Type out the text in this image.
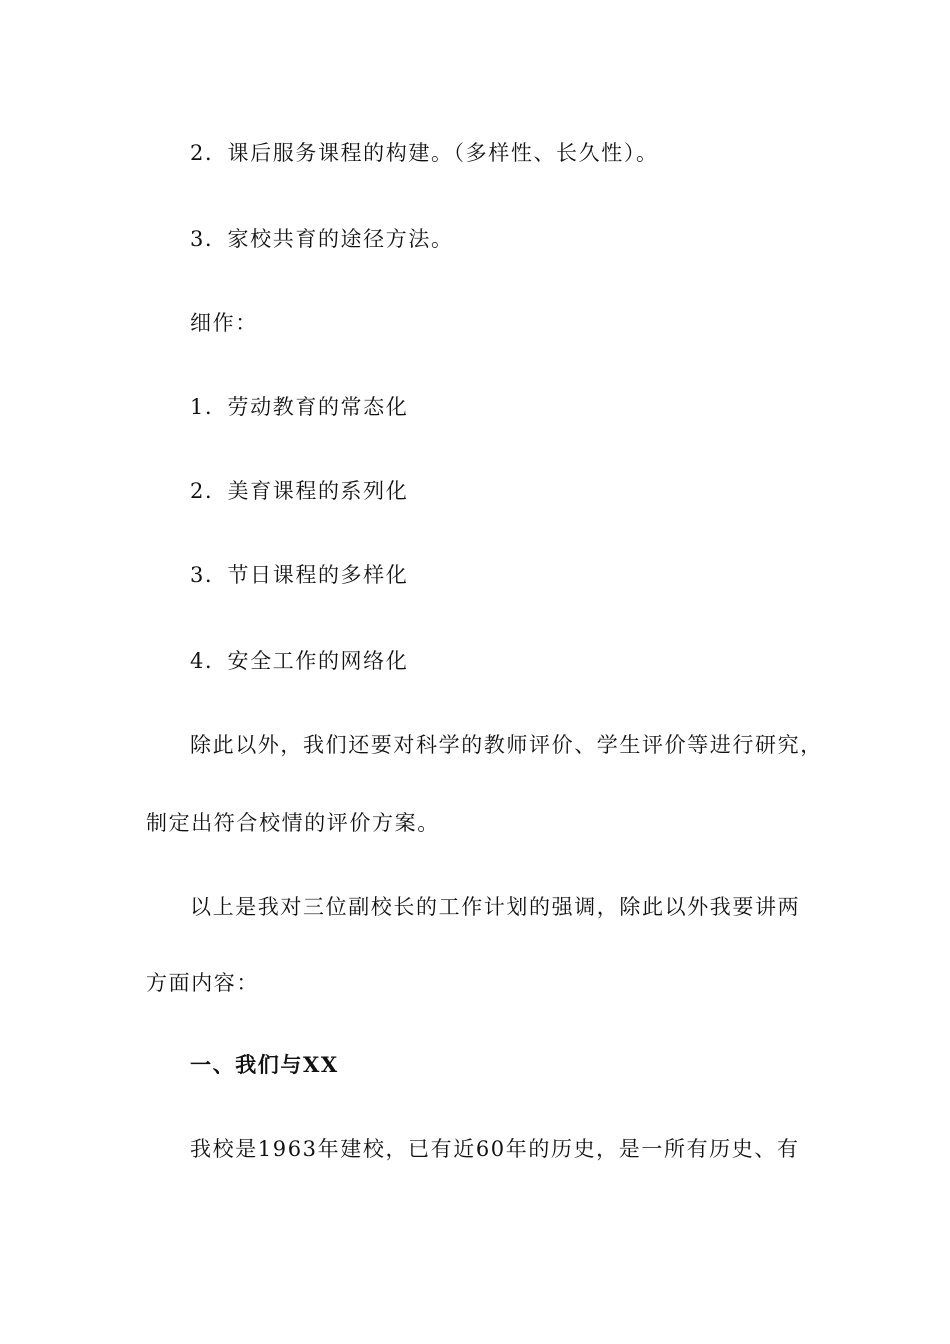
2．课后服务课程的构建。（多样性、长久性）。
3．家校共育的途径方法。
细作：
1．劳动教育的常态化
2．美育课程的系列化
3．节日课程的多样化
4．安全工作的网络化
除此以外，我们还要对科学的教师评价、学生评价等进行研究，
制定出符合校情的评价方案。
以上是我对三位副校长的工作计划的强调，除此以外我要讲两
方面内容：
一、我们与XX
我校是1963年建校，已有近60年的历史，是一所有历史、有
